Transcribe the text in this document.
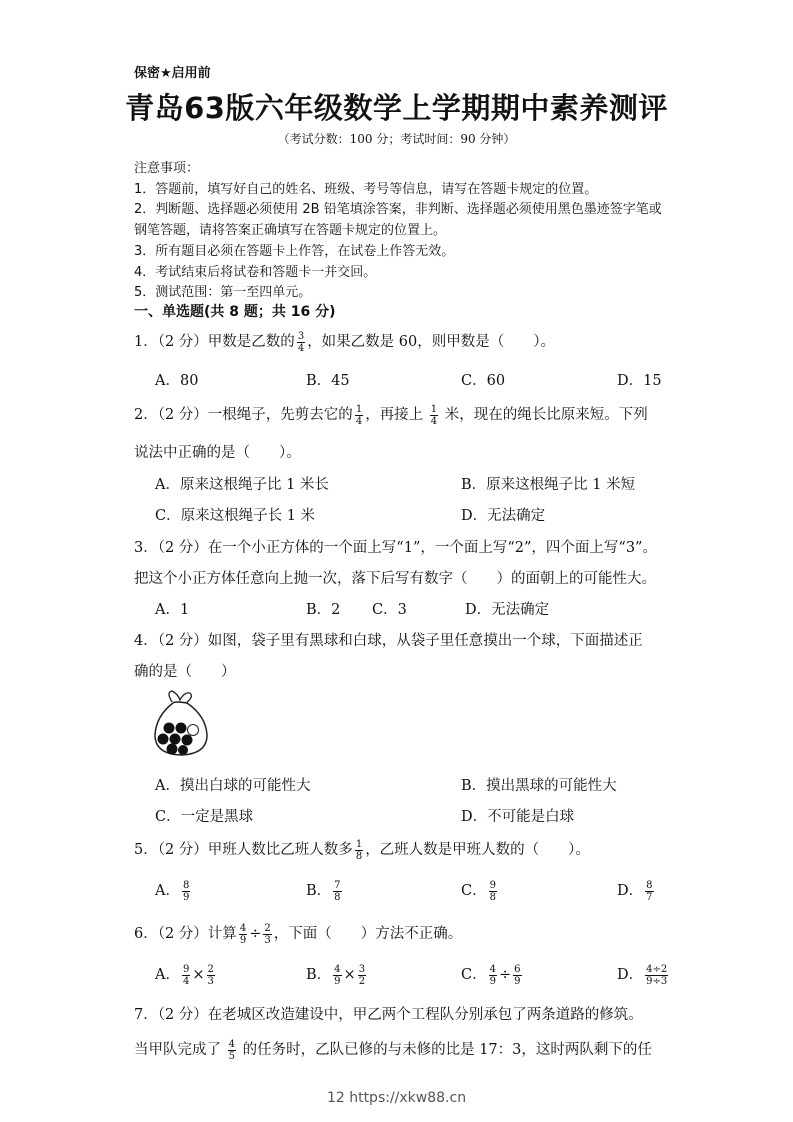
保密★启用前
青岛63版六年级数学上学期期中素养测评
（考试分数：100 分；考试时间：90 分钟）
注意事项：
1．答题前，填写好自己的姓名、班级、考号等信息，请写在答题卡规定的位置。
2．判断题、选择题必须使用 2B 铅笔填涂答案，非判断、选择题必须使用黑色墨迹签字笔或
钢笔答题，请将答案正确填写在答题卡规定的位置上。
3．所有题目必须在答题卡上作答，在试卷上作答无效。
4．考试结束后将试卷和答题卡一并交回。
5．测试范围：第一至四单元。
一、单选题(共 8 题；共 16 分)
1．（2 分）甲数是乙数的 $\frac{3}{4}$ ，如果乙数是 60，则甲数是（　　）。
A．80	B．45	C．60	D．15
2．（2 分）一根绳子，先剪去它的 $\frac{1}{4}$ ，再接上 $\frac{1}{4}$ 米，现在的绳长比原来短。下列
说法中正确的是（　　）。
A．原来这根绳子比 1 米长	B．原来这根绳子比 1 米短
C．原来这根绳子长 1 米	D．无法确定
3．（2 分）在一个小正方体的一个面上写“1”，一个面上写“2”，四个面上写“3”。
把这个小正方体任意向上抛一次，落下后写有数字（　　）的面朝上的可能性大。
A．1	B．2 C．3	D．无法确定
4．（2 分）如图，袋子里有黑球和白球，从袋子里任意摸出一个球，下面描述正
确的是（　　）
A．摸出白球的可能性大	B．摸出黑球的可能性大
C．一定是黑球	D．不可能是白球
5．（2 分）甲班人数比乙班人数多 $\frac{1}{8}$ ，乙班人数是甲班人数的（　　）。
A． $\frac{8}{9}$	B． $\frac{7}{8}$	C． $\frac{9}{8}$	D． $\frac{8}{7}$
6．（2 分）计算 $\frac{4}{9} \div \frac{2}{3}$ ，下面（　　）方法不正确。
A． $\frac{9}{4} \times \frac{2}{3}$	B． $\frac{4}{9} \times \frac{3}{2}$	C． $\frac{4}{9} \div \frac{6}{9}$	D． $\frac{4\div 2}{9\div 3}$
7．（2 分）在老城区改造建设中，甲乙两个工程队分别承包了两条道路的修筑。
当甲队完成了 $\frac{4}{5}$ 的任务时，乙队已修的与未修的比是 17：3，这时两队剩下的任
12 https://xkw88.cn
